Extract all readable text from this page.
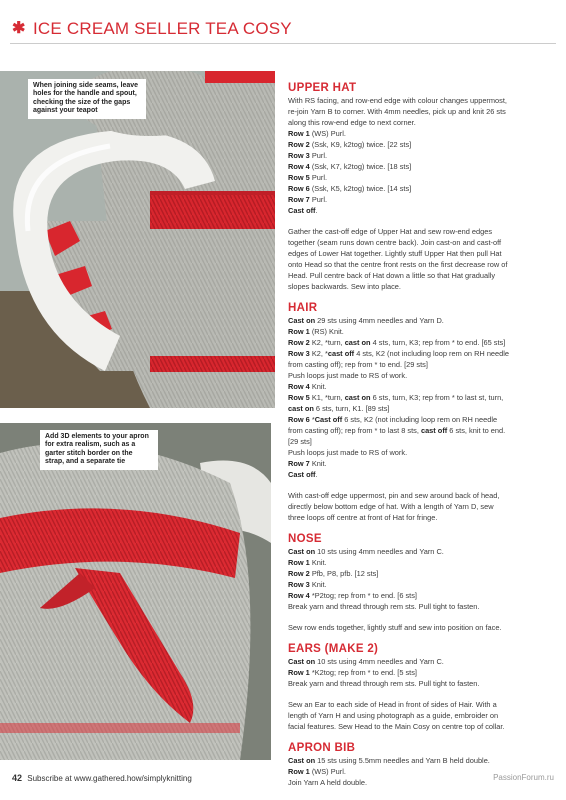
✱ ICE CREAM SELLER TEA COSY
When joining side seams, leave holes for the handle and spout, checking the size of the gaps against your teapot
Add 3D elements to your apron for extra realism, such as a garter stitch border on the strap, and a separate tie
UPPER HAT
With RS facing, and row-end edge with colour changes uppermost,
re-join Yarn B to corner. With 4mm needles, pick up and knit 26 sts
along this row-end edge to next corner.
Row 1 (WS) Purl.
Row 2 (Ssk, K9, k2tog) twice. [22 sts]
Row 3 Purl.
Row 4 (Ssk, K7, k2tog) twice. [18 sts]
Row 5 Purl.
Row 6 (Ssk, K5, k2tog) twice. [14 sts]
Row 7 Purl.
Cast off.
Gather the cast-off edge of Upper Hat and sew row-end edges
together (seam runs down centre back). Join cast-on and cast-off
edges of Lower Hat together. Lightly stuff Upper Hat then pull Hat
onto Head so that the centre front rests on the first decrease row of
Head. Pull centre back of Hat down a little so that Hat gradually
slopes backwards. Sew into place.
HAIR
Cast on 29 sts using 4mm needles and Yarn D.
Row 1 (RS) Knit.
Row 2 K2, *turn, cast on 4 sts, turn, K3; rep from * to end. [65 sts]
Row 3 K2, *cast off 4 sts, K2 (not including loop rem on RH needle
from casting off); rep from * to end. [29 sts]
Push loops just made to RS of work.
Row 4 Knit.
Row 5 K1, *turn, cast on 6 sts, turn, K3; rep from * to last st, turn,
cast on 6 sts, turn, K1. [89 sts]
Row 6 *Cast off 6 sts, K2 (not including loop rem on RH needle
from casting off); rep from * to last 8 sts, cast off 6 sts, knit to end.
[29 sts]
Push loops just made to RS of work.
Row 7 Knit.
Cast off.
With cast-off edge uppermost, pin and sew around back of head,
directly below bottom edge of hat. With a length of Yarn D, sew
three loops off centre at front of Hat for fringe.
NOSE
Cast on 10 sts using 4mm needles and Yarn C.
Row 1 Knit.
Row 2 Pfb, P8, pfb. [12 sts]
Row 3 Knit.
Row 4 *P2tog; rep from * to end. [6 sts]
Break yarn and thread through rem sts. Pull tight to fasten.
Sew row ends together, lightly stuff and sew into position on face.
EARS (MAKE 2)
Cast on 10 sts using 4mm needles and Yarn C.
Row 1 *K2tog; rep from * to end. [5 sts]
Break yarn and thread through rem sts. Pull tight to fasten.
Sew an Ear to each side of Head in front of sides of Hair. With a
length of Yarn H and using photograph as a guide, embroider on
facial features. Sew Head to the Main Cosy on centre top of collar.
APRON BIB
Cast on 15 sts using 5.5mm needles and Yarn B held double.
Row 1 (WS) Purl.
Join Yarn A held double.
42 Subscribe at www.gathered.how/simplyknitting	PassionForum.ru
